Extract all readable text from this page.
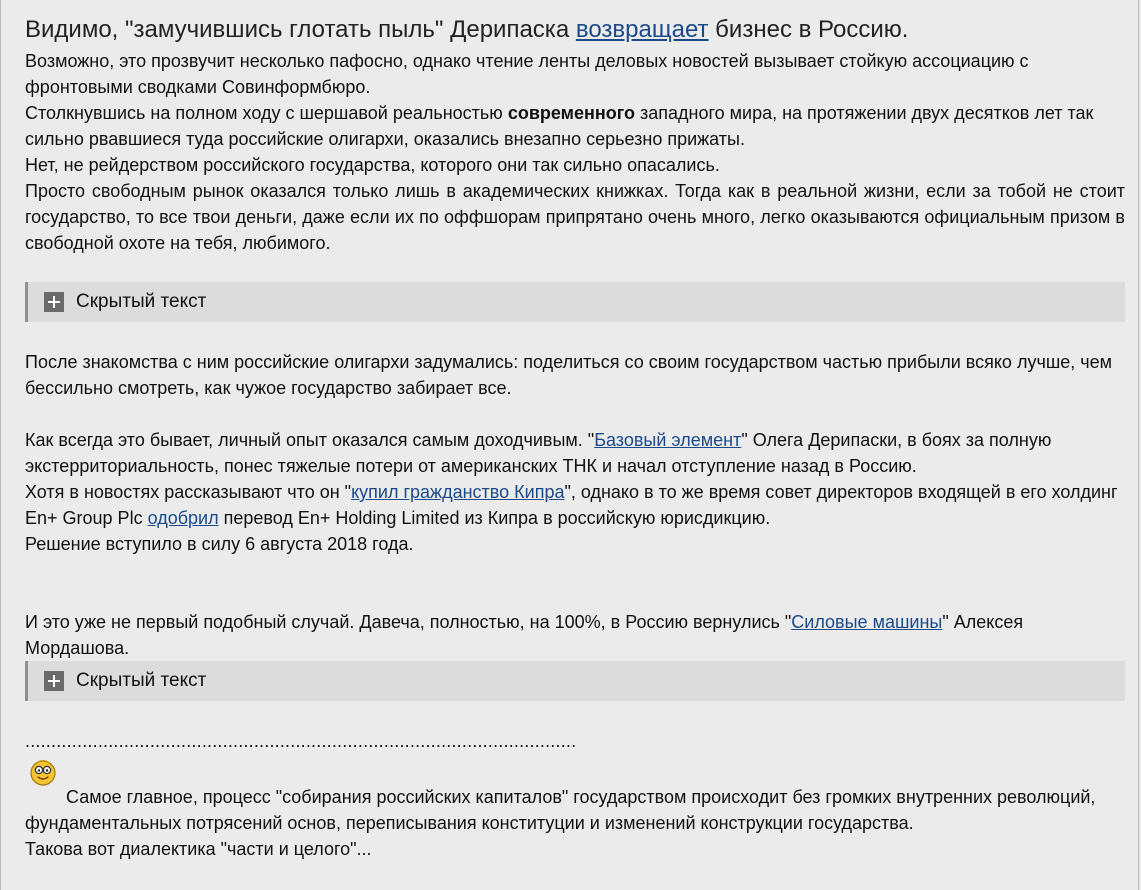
Видимо, "замучившись глотать пыль" Дерипаска возвращает бизнес в Россию.
Возможно, это прозвучит несколько пафосно, однако чтение ленты деловых новостей вызывает стойкую ассоциацию с фронтовыми сводками Совинформбюро.
Столкнувшись на полном ходу с шершавой реальностью современного западного мира, на протяжении двух десятков лет так сильно рвавшиеся туда российские олигархи, оказались внезапно серьезно прижаты.
Нет, не рейдерством российского государства, которого они так сильно опасались.
Просто свободным рынок оказался только лишь в академических книжках. Тогда как в реальной жизни, если за тобой не стоит государство, то все твои деньги, даже если их по оффшорам припрятано очень много, легко оказываются официальным призом в свободной охоте на тебя, любимого.
Скрытый текст
После знакомства с ним российские олигархи задумались: поделиться со своим государством частью прибыли всяко лучше, чем бессильно смотреть, как чужое государство забирает все.
Как всегда это бывает, личный опыт оказался самым доходчивым. "Базовый элемент" Олега Дерипаски, в боях за полную экстерриториальность, понес тяжелые потери от американских ТНК и начал отступление назад в Россию.
Хотя в новостях рассказывают что он "купил гражданство Кипра", однако в то же время совет директоров входящей в его холдинг En+ Group Plc одобрил перевод En+ Holding Limited из Кипра в российскую юрисдикцию.
Решение вступило в силу 6 августа 2018 года.
И это уже не первый подобный случай. Давеча, полностью, на 100%, в Россию вернулись "Силовые машины" Алексея Мордашова.
Скрытый текст
..........................................................................................................
Самое главное, процесс "собирания российских капиталов" государством происходит без громких внутренних революций, фундаментальных потрясений основ, переписывания конституции и изменений конструкции государства.
Такова вот диалектика "части и целого"...
